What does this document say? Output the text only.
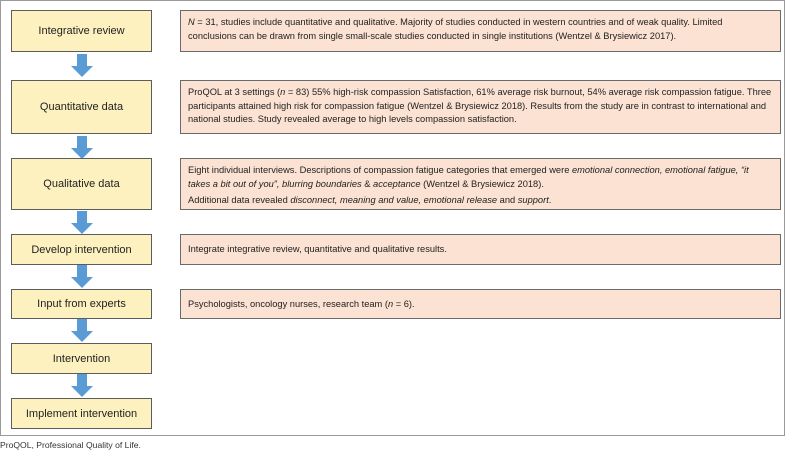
Integrative review
Quantitative data
Qualitative data
Develop intervention
Input from experts
Intervention
Implement intervention

N = 31, studies include quantitative and qualitative. Majority of studies conducted in western countries and of weak quality. Limited conclusions can be drawn from single small-scale studies conducted in single institutions (Wentzel & Brysiewicz 2017).

ProQOL at 3 settings (n = 83) 55% high-risk compassion Satisfaction, 61% average risk burnout, 54% average risk compassion fatigue. Three participants attained high risk for compassion fatigue (Wentzel & Brysiewicz 2018). Results from the study are in contrast to international and national studies. Study revealed average to high levels compassion satisfaction.

Eight individual interviews. Descriptions of compassion fatigue categories that emerged were emotional connection, emotional fatigue, “it takes a bit out of you”, blurring boundaries & acceptance (Wentzel & Brysiewicz 2018).

Additional data revealed disconnect, meaning and value, emotional release and support.

Integrate integrative review, quantitative and qualitative results.

Psychologists, oncology nurses, research team (n = 6).

ProQOL, Professional Quality of Life.
